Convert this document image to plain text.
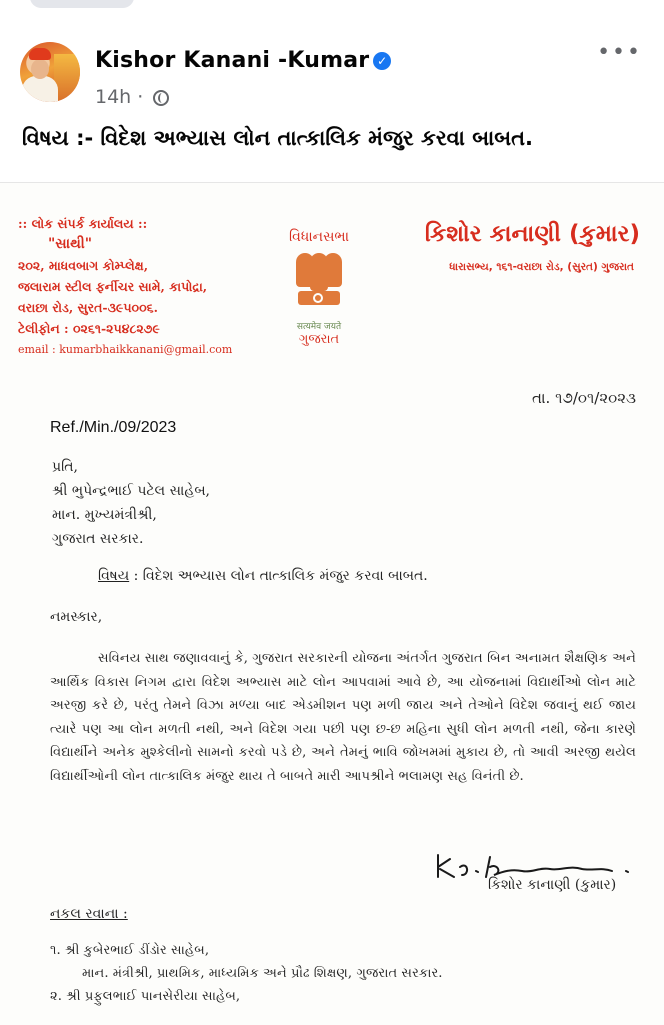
Kishor Kanani -Kumar ✓
14h ·
•••
વિષય :- વિદેશ અભ્યાસ લોન તાત્કાલિક મંજુર કરવા બાબત.
:: લોક સંપર્ક કાર્યાલય ::
"સાથી"
૨૦૨, માધવબાગ કોમ્પ્લેક્ષ,
જલારામ સ્ટીલ ફર્નીચર સામે, કાપોદ્રા,
વરાછા રોડ, સુરત-૩૯૫૦૦૬.
ટેલીફોન : ૦૨૬૧-૨૫૪૮૨૭૯
email : kumarbhaikkanani@gmail.com
વિધાનસભા
सत्यमेव जयते
ગુજરાત
કિશોર કાનાણી (કુમાર)
ધારાસભ્ય, ૧૬૧-વરાછા રોડ, (સુરત) ગુજરાત
તા. ૧૭/૦૧/૨૦૨૩
Ref./Min./09/2023
પ્રતિ,
શ્રી ભુપેન્દ્રભાઈ પટેલ સાહેબ,
માન. મુખ્યમંત્રીશ્રી,
ગુજરાત સરકાર.
વિષય : વિદેશ અભ્યાસ લોન તાત્કાલિક મંજુર કરવા બાબત.
નમસ્કાર,
સવિનય સાથ જણાવવાનું કે, ગુજરાત સરકારની યોજના અંતર્ગત ગુજરાત બિન અનામત શૈક્ષણિક અને આર્થિક વિકાસ નિગમ દ્વારા વિદેશ અભ્યાસ માટે લોન આપવામાં આવે છે, આ યોજનામાં વિદ્યાર્થીઓ લોન માટે અરજી કરે છે, પરંતુ તેમને વિઝા મળ્યા બાદ એડમીશન પણ મળી જાય અને તેઓને વિદેશ જવાનું થઈ જાય ત્યારે પણ આ લોન મળતી નથી, અને વિદેશ ગયા પછી પણ છ-છ મહિના સુધી લોન મળતી નથી, જેના કારણે વિદ્યાર્થીને અનેક મુશ્કેલીનો સામનો કરવો પડે છે, અને તેમનું ભાવિ જોખમમાં મુકાય છે, તો આવી અરજી થયેલ વિદ્યાર્થીઓની લોન તાત્કાલિક મંજુર થાય તે બાબતે મારી આપશ્રીને ભલામણ સહ વિનંતી છે.
કિશોર કાનાણી (કુમાર)
નકલ રવાના :
૧. શ્રી કુબેરભાઈ ડીંડોર સાહેબ,
માન. મંત્રીશ્રી, પ્રાથમિક, માધ્યમિક અને પ્રૌઢ શિક્ષણ, ગુજરાત સરકાર.
૨. શ્રી પ્રફુલભાઈ પાનસેરીયા સાહેબ,
